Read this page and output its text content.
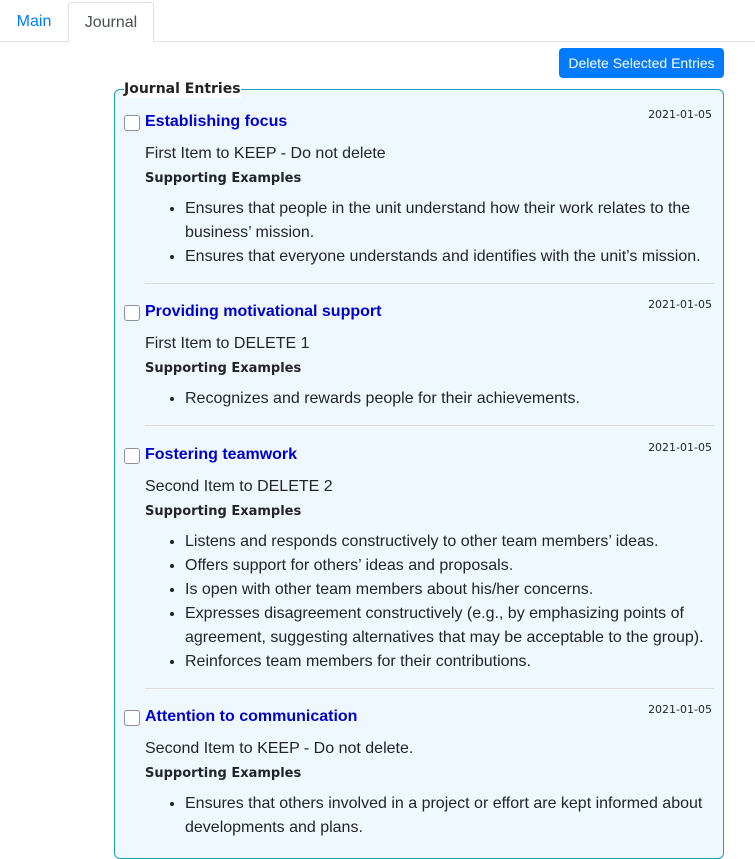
Main	Journal
Delete Selected Entries
Journal Entries
Establishing focus	2021-01-05
First Item to KEEP - Do not delete
Supporting Examples
• Ensures that people in the unit understand how their work relates to the business’ mission.
• Ensures that everyone understands and identifies with the unit’s mission.
Providing motivational support	2021-01-05
First Item to DELETE 1
Supporting Examples
• Recognizes and rewards people for their achievements.
Fostering teamwork	2021-01-05
Second Item to DELETE 2
Supporting Examples
• Listens and responds constructively to other team members’ ideas.
• Offers support for others’ ideas and proposals.
• Is open with other team members about his/her concerns.
• Expresses disagreement constructively (e.g., by emphasizing points of agreement, suggesting alternatives that may be acceptable to the group).
• Reinforces team members for their contributions.
Attention to communication	2021-01-05
Second Item to KEEP - Do not delete.
Supporting Examples
• Ensures that others involved in a project or effort are kept informed about developments and plans.
